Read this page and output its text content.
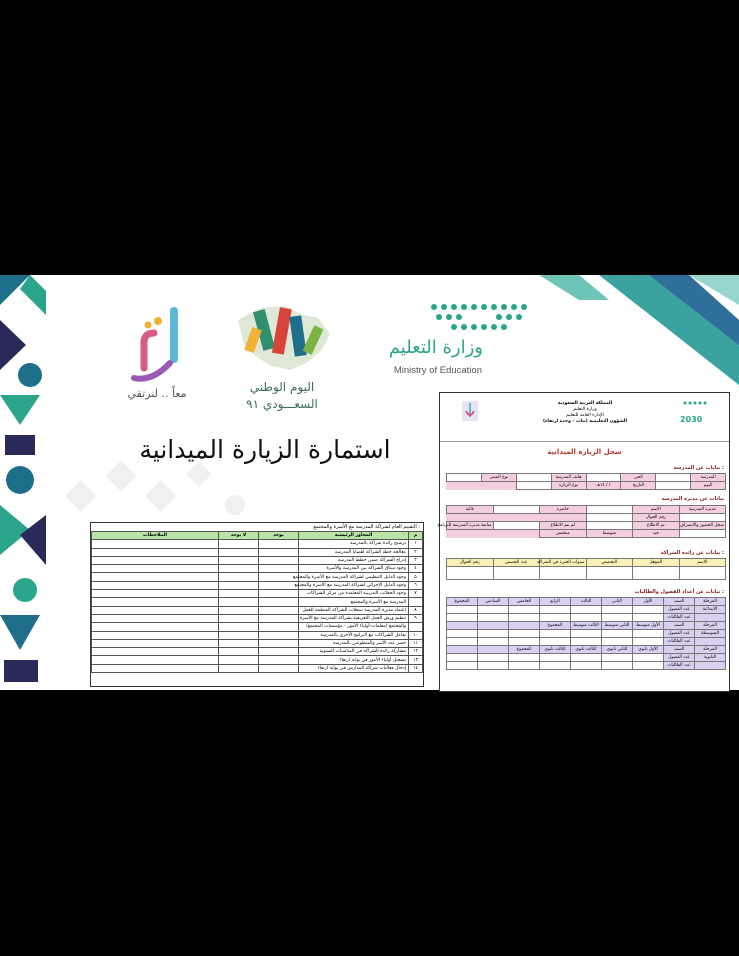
وزارة التعليم
Ministry of Education
اليوم الوطني
السعـــودي ٩١
معاً .. لنرتقي
استمارة الزيارة الميدانية
التقييم العام لشراكة المدرسة مع الأسرة والمجتمع :
م	المحاور الرئيسية	يوجد	لا يوجد	الملاحظات
١	ترشيح رائدة شراكة بالمدرسة			
٢	معالجة خطة الشراكة لقضايا المدرسة			
٣	إدراج الشراكة ضمن خطط المدرسة			
٤	وجود ميثاق الشراكة بين المدرسة والأسرة			
٥	وجود الدليل التنظيمي لشراكة المدرسة مع الأسرة والمجتمع			
٦	وجود الدليل الإجرائي لشراكة المدرسة مع الأسرة والمجتمع			
٧	وجود الحقائب التدريبية المعتمدة من مركز الشراكات			
	المدرسة مع الأسرة والمجتمع			
٨	اعتماد مديرة المدرسة سجلات الشراكة المنظمة للعمل			
٩	تنظيم ورش العمل التعريفية بشراكة المدرسة مع الأسرة			
	والمجتمع (معلمات-أولياء الأمور - مؤسسات المجتمع)			
١٠	تفاعل الشراكات مع البرامج الأخرى بالمدرسة			
١١	حصر عدد الأسر والمتطوعين بالمدرسة			
١٢	مشاركة رائدة الشراكة في المناسبات السنوية			
١٣	تسجيل أولياء الأمور في بوابة ارتقاء			
١٤	إدخال فعاليات شراكة المدارس في بوابة ارتقاء			
المملكة العربية السعودية
وزارة التعليم
الإدارة العامة للتعليم
الشؤون التعليمية (بنات - وحدة ارتقاء)	2030
سجل الزيارة الميدانية
بيانات عن المدرسة :
المدرسة		الحي		هاتف المدرسة		نوع المبنى	
اليوم		التاريخ	/ / ١٤هـ	نوع الزيارة			
بيانات عن مديرة المدرسة
مديرة المدرسة	الاسم		حاضرة		غائبة
	رقم الجوال				
سجل الحضور والانصراف	تم الاطلاع		لم يتم الاطلاع		متابعة مديرة المدرسة للبرنامج
	جيد	متوسط	منخفض		
بيانات عن رائدة الشراكة :
الاسم	المؤهل	التخصص	سنوات الخبرة في الشراكة	عدد الحصص	رقم الجوال

بيانات عن أعداد الفصول والطالبات :
المرحلة	الصف	الأول	الثاني	الثالث	الرابع	الخامس	السادس	المجموع
الابتدائية	عدد الفصول							
	عدد الطالبات							
المرحلة	الصف	الأول متوسط	الثاني متوسط	الثالث متوسط	المجموع			
المتوسطة	عدد الفصول							
	عدد الطالبات							
المرحلة	الصف	الأول ثانوي	الثاني ثانوي	الثالث ثانوي	الثالث ثانوي	المجموع		
الثانوية	عدد الفصول							
	عدد الطالبات							
